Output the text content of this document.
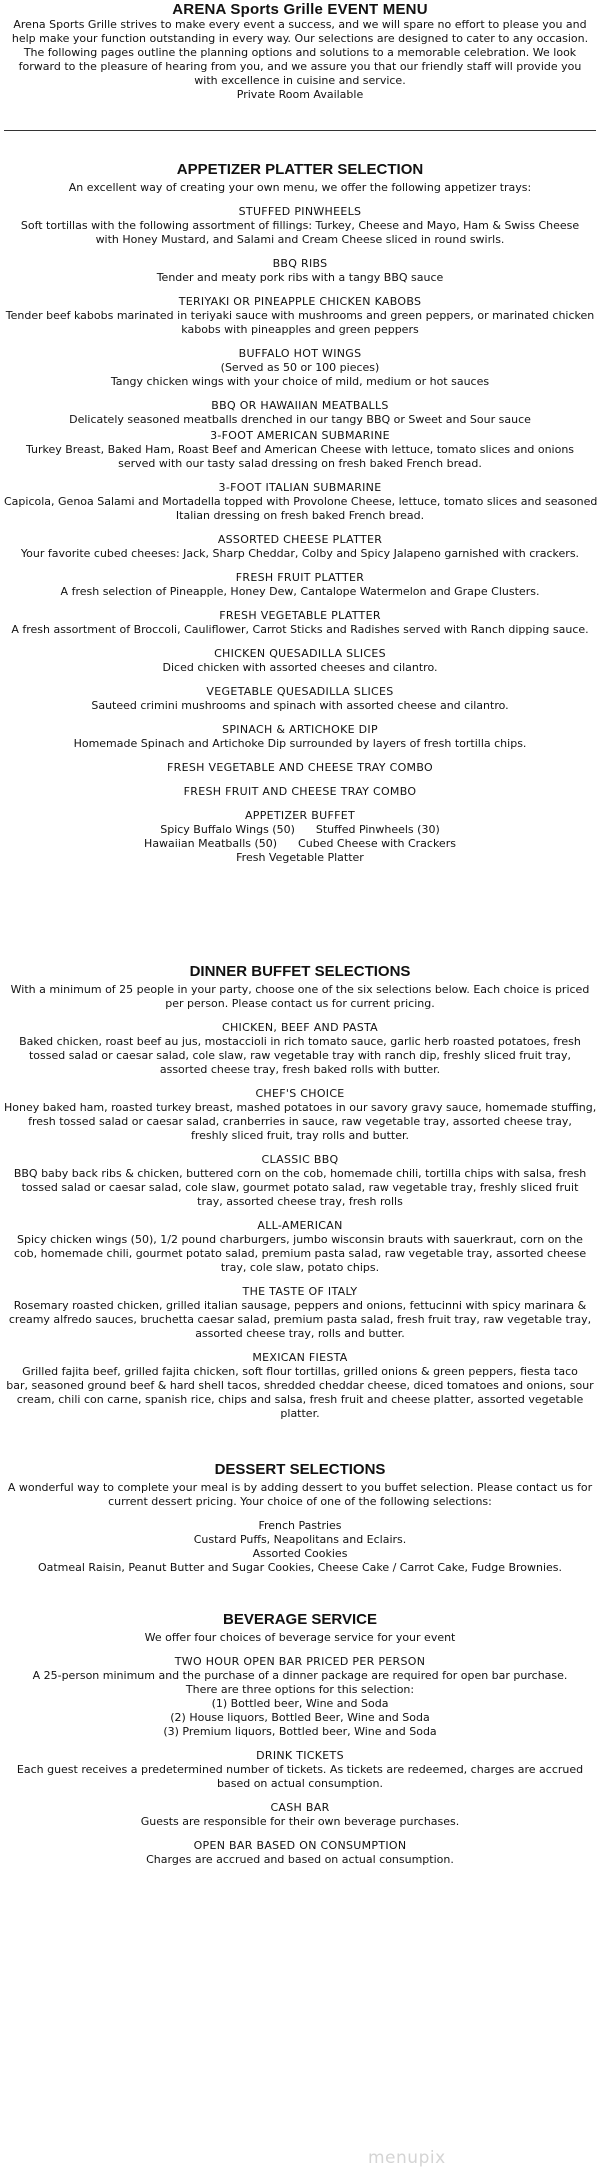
ARENA Sports Grille EVENT MENU
Arena Sports Grille strives to make every event a success, and we will spare no effort to please you and
help make your function outstanding in every way. Our selections are designed to cater to any occasion.
The following pages outline the planning options and solutions to a memorable celebration. We look
forward to the pleasure of hearing from you, and we assure you that our friendly staff will provide you
with excellence in cuisine and service.
Private Room Available
APPETIZER PLATTER SELECTION
An excellent way of creating your own menu, we offer the following appetizer trays:
STUFFED PINWHEELS
Soft tortillas with the following assortment of fillings: Turkey, Cheese and Mayo, Ham & Swiss Cheese
with Honey Mustard, and Salami and Cream Cheese sliced in round swirls.
BBQ RIBS
Tender and meaty pork ribs with a tangy BBQ sauce
TERIYAKI OR PINEAPPLE CHICKEN KABOBS
Tender beef kabobs marinated in teriyaki sauce with mushrooms and green peppers, or marinated chicken
kabobs with pineapples and green peppers
BUFFALO HOT WINGS
(Served as 50 or 100 pieces)
Tangy chicken wings with your choice of mild, medium or hot sauces
BBQ OR HAWAIIAN MEATBALLS
Delicately seasoned meatballs drenched in our tangy BBQ or Sweet and Sour sauce
3-FOOT AMERICAN SUBMARINE
Turkey Breast, Baked Ham, Roast Beef and American Cheese with lettuce, tomato slices and onions
served with our tasty salad dressing on fresh baked French bread.
3-FOOT ITALIAN SUBMARINE
Capicola, Genoa Salami and Mortadella topped with Provolone Cheese, lettuce, tomato slices and seasoned
Italian dressing on fresh baked French bread.
ASSORTED CHEESE PLATTER
Your favorite cubed cheeses: Jack, Sharp Cheddar, Colby and Spicy Jalapeno garnished with crackers.
FRESH FRUIT PLATTER
A fresh selection of Pineapple, Honey Dew, Cantalope Watermelon and Grape Clusters.
FRESH VEGETABLE PLATTER
A fresh assortment of Broccoli, Cauliflower, Carrot Sticks and Radishes served with Ranch dipping sauce.
CHICKEN QUESADILLA SLICES
Diced chicken with assorted cheeses and cilantro.
VEGETABLE QUESADILLA SLICES
Sauteed crimini mushrooms and spinach with assorted cheese and cilantro.
SPINACH & ARTICHOKE DIP
Homemade Spinach and Artichoke Dip surrounded by layers of fresh tortilla chips.
FRESH VEGETABLE AND CHEESE TRAY COMBO
FRESH FRUIT AND CHEESE TRAY COMBO
APPETIZER BUFFET
Spicy Buffalo Wings (50)      Stuffed Pinwheels (30)
Hawaiian Meatballs (50)      Cubed Cheese with Crackers
Fresh Vegetable Platter
DINNER BUFFET SELECTIONS
With a minimum of 25 people in your party, choose one of the six selections below. Each choice is priced
per person. Please contact us for current pricing.
CHICKEN, BEEF AND PASTA
Baked chicken, roast beef au jus, mostaccioli in rich tomato sauce, garlic herb roasted potatoes, fresh
tossed salad or caesar salad, cole slaw, raw vegetable tray with ranch dip, freshly sliced fruit tray,
assorted cheese tray, fresh baked rolls with butter.
CHEF'S CHOICE
Honey baked ham, roasted turkey breast, mashed potatoes in our savory gravy sauce, homemade stuffing,
fresh tossed salad or caesar salad, cranberries in sauce, raw vegetable tray, assorted cheese tray,
freshly sliced fruit, tray rolls and butter.
CLASSIC BBQ
BBQ baby back ribs & chicken, buttered corn on the cob, homemade chili, tortilla chips with salsa, fresh
tossed salad or caesar salad, cole slaw, gourmet potato salad, raw vegetable tray, freshly sliced fruit
tray, assorted cheese tray, fresh rolls
ALL-AMERICAN
Spicy chicken wings (50), 1/2 pound charburgers, jumbo wisconsin brauts with sauerkraut, corn on the
cob, homemade chili, gourmet potato salad, premium pasta salad, raw vegetable tray, assorted cheese
tray, cole slaw, potato chips.
THE TASTE OF ITALY
Rosemary roasted chicken, grilled italian sausage, peppers and onions, fettucinni with spicy marinara &
creamy alfredo sauces, bruchetta caesar salad, premium pasta salad, fresh fruit tray, raw vegetable tray,
assorted cheese tray, rolls and butter.
MEXICAN FIESTA
Grilled fajita beef, grilled fajita chicken, soft flour tortillas, grilled onions & green peppers, fiesta taco
bar, seasoned ground beef & hard shell tacos, shredded cheddar cheese, diced tomatoes and onions, sour
cream, chili con carne, spanish rice, chips and salsa, fresh fruit and cheese platter, assorted vegetable
platter.
DESSERT SELECTIONS
A wonderful way to complete your meal is by adding dessert to you buffet selection. Please contact us for
current dessert pricing. Your choice of one of the following selections:
French Pastries
Custard Puffs, Neapolitans and Eclairs.
Assorted Cookies
Oatmeal Raisin, Peanut Butter and Sugar Cookies, Cheese Cake / Carrot Cake, Fudge Brownies.
BEVERAGE SERVICE
We offer four choices of beverage service for your event
TWO HOUR OPEN BAR PRICED PER PERSON
A 25-person minimum and the purchase of a dinner package are required for open bar purchase.
There are three options for this selection:
(1) Bottled beer, Wine and Soda
(2) House liquors, Bottled Beer, Wine and Soda
(3) Premium liquors, Bottled beer, Wine and Soda
DRINK TICKETS
Each guest receives a predetermined number of tickets. As tickets are redeemed, charges are accrued
based on actual consumption.
CASH BAR
Guests are responsible for their own beverage purchases.
OPEN BAR BASED ON CONSUMPTION
Charges are accrued and based on actual consumption.
menupix
